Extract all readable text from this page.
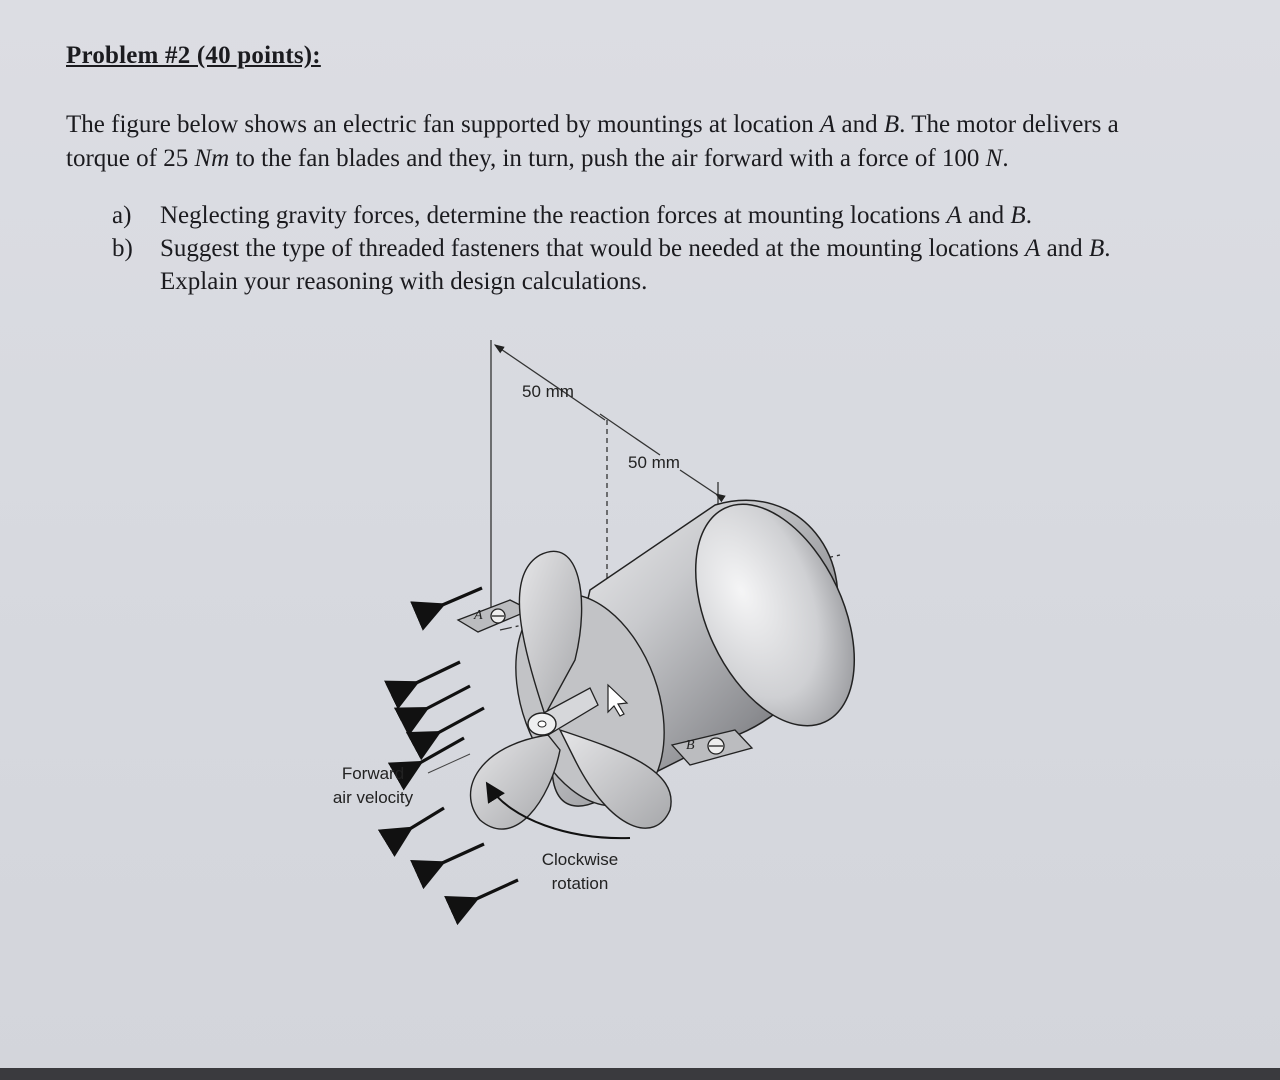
Problem #2 (40 points):
The figure below shows an electric fan supported by mountings at location A and B. The motor delivers a
torque of 25 Nm to the fan blades and they, in turn, push the air forward with a force of 100 N.
a)	Neglecting gravity forces, determine the reaction forces at mounting locations A and B.
b)	Suggest the type of threaded fasteners that would be needed at the mounting locations A and B.
Explain your reasoning with design calculations.
50 mm
50 mm
A
B
Forward
air velocity
Clockwise
rotation
